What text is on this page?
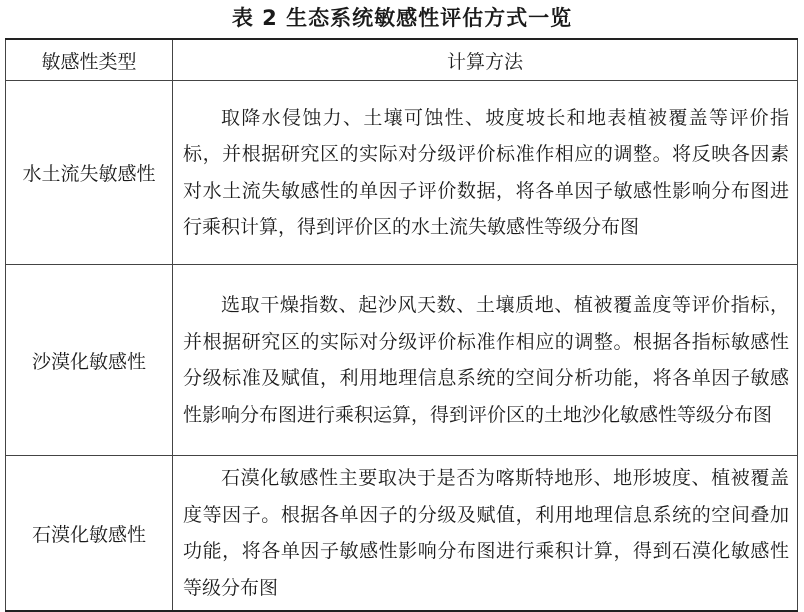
表 2 生态系统敏感性评估方式一览
敏感性类型	计算方法
水土流失敏感性	取降水侵蚀力、土壤可蚀性、坡度坡长和地表植被覆盖等评价指标，并根据研究区的实际对分级评价标准作相应的调整。将反映各因素对水土流失敏感性的单因子评价数据，将各单因子敏感性影响分布图进行乘积计算，得到评价区的水土流失敏感性等级分布图
沙漠化敏感性	选取干燥指数、起沙风天数、土壤质地、植被覆盖度等评价指标，并根据研究区的实际对分级评价标准作相应的调整。根据各指标敏感性分级标准及赋值，利用地理信息系统的空间分析功能，将各单因子敏感性影响分布图进行乘积运算，得到评价区的土地沙化敏感性等级分布图
石漠化敏感性	石漠化敏感性主要取决于是否为喀斯特地形、地形坡度、植被覆盖度等因子。根据各单因子的分级及赋值，利用地理信息系统的空间叠加功能，将各单因子敏感性影响分布图进行乘积计算，得到石漠化敏感性等级分布图
